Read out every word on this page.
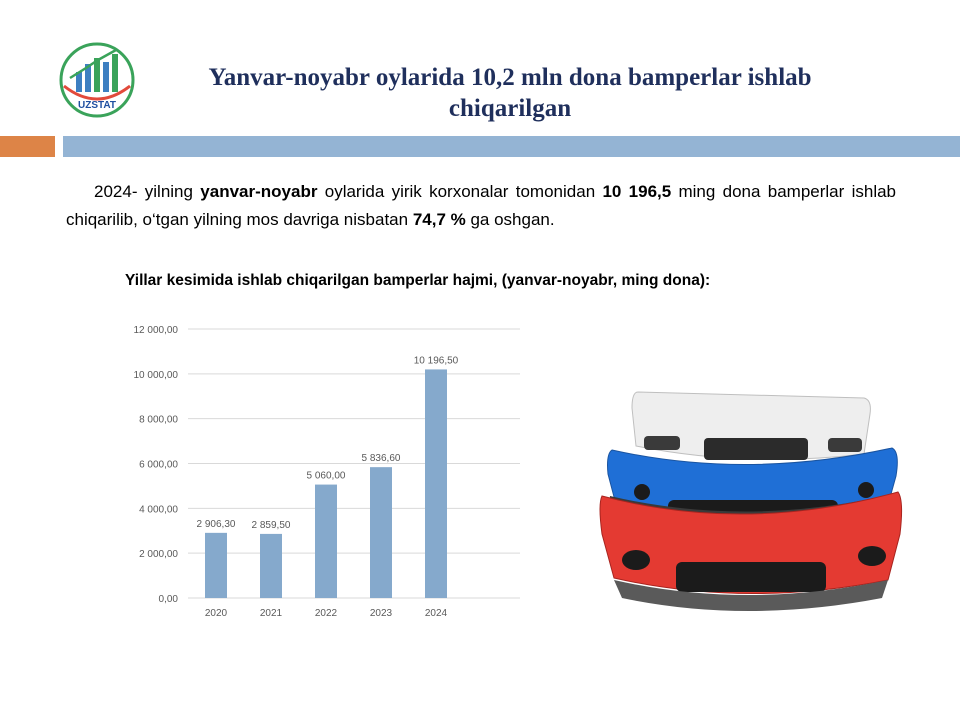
UZSTAT
Yanvar-noyabr oylarida 10,2 mln dona bamperlar ishlab chiqarilgan
2024- yilning yanvar-noyabr oylarida yirik korxonalar tomonidan 10 196,5 ming dona bamperlar ishlab chiqarilib, o‘tgan yilning mos davriga nisbatan 74,7 % ga oshgan.
Yillar kesimida ishlab chiqarilgan bamperlar hajmi, (yanvar-noyabr, ming dona):
0,00
2 000,00
4 000,00
6 000,00
8 000,00
10 000,00
12 000,00
2 906,30
2020
2 859,50
2021
5 060,00
2022
5 836,60
2023
10 196,50
2024
